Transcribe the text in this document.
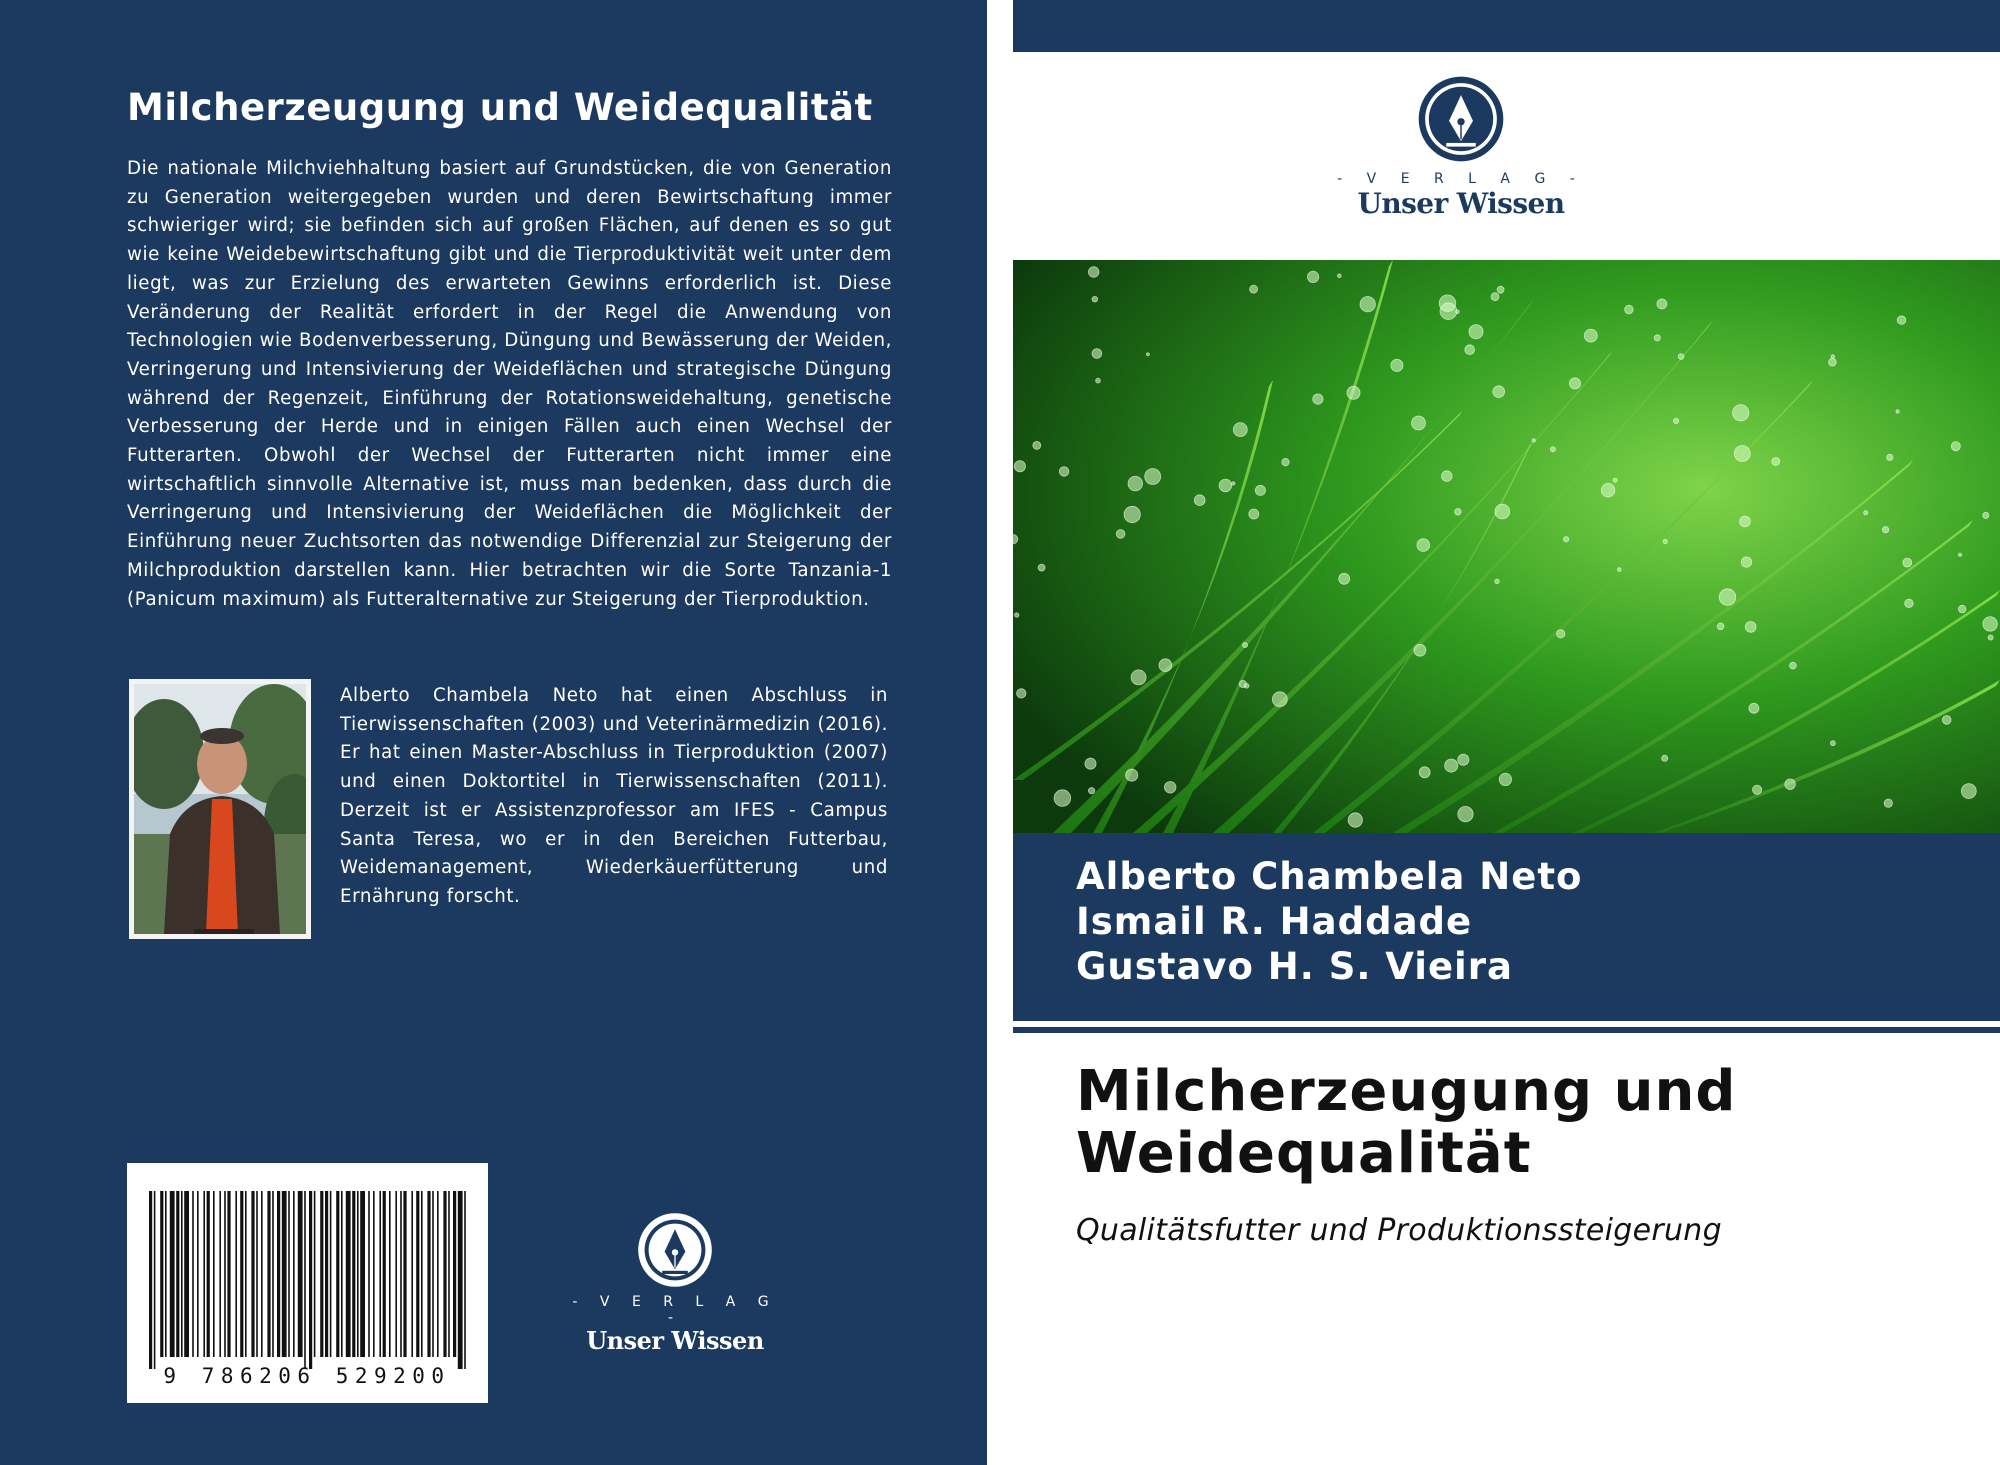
Milcherzeugung und Weidequalität

Die nationale Milchviehhaltung basiert auf Grundstücken, die von Generation zu Generation weitergegeben wurden und deren Bewirtschaftung immer schwieriger wird; sie befinden sich auf großen Flächen, auf denen es so gut wie keine Weidebewirtschaftung gibt und die Tierproduktivität weit unter dem liegt, was zur Erzielung des erwarteten Gewinns erforderlich ist. Diese Veränderung der Realität erfordert in der Regel die Anwendung von Technologien wie Bodenverbesserung, Düngung und Bewässerung der Weiden, Verringerung und Intensivierung der Weideflächen und strategische Düngung während der Regenzeit, Einführung der Rotationsweidehaltung, genetische Verbesserung der Herde und in einigen Fällen auch einen Wechsel der Futterarten. Obwohl der Wechsel der Futterarten nicht immer eine wirtschaftlich sinnvolle Alternative ist, muss man bedenken, dass durch die Verringerung und Intensivierung der Weideflächen die Möglichkeit der Einführung neuer Zuchtsorten das notwendige Differenzial zur Steigerung der Milchproduktion darstellen kann. Hier betrachten wir die Sorte Tanzania-1 (Panicum maximum) als Futteralternative zur Steigerung der Tierproduktion.

Alberto Chambela Neto hat einen Abschluss in Tierwissenschaften (2003) und Veterinärmedizin (2016). Er hat einen Master-Abschluss in Tierproduktion (2007) und einen Doktortitel in Tierwissenschaften (2011). Derzeit ist er Assistenzprofessor am IFES - Campus Santa Teresa, wo er in den Bereichen Futterbau, Weidemanagement, Wiederkäuerfütterung und Ernährung forscht.

9 786206 529200
- V E R L A G -
Unser Wissen
- V E R L A G -
Unser Wissen
Alberto Chambela Neto
Ismail R. Haddade
Gustavo H. S. Vieira
Milcherzeugung und
Weidequalität

Qualitätsfutter und Produktionssteigerung
